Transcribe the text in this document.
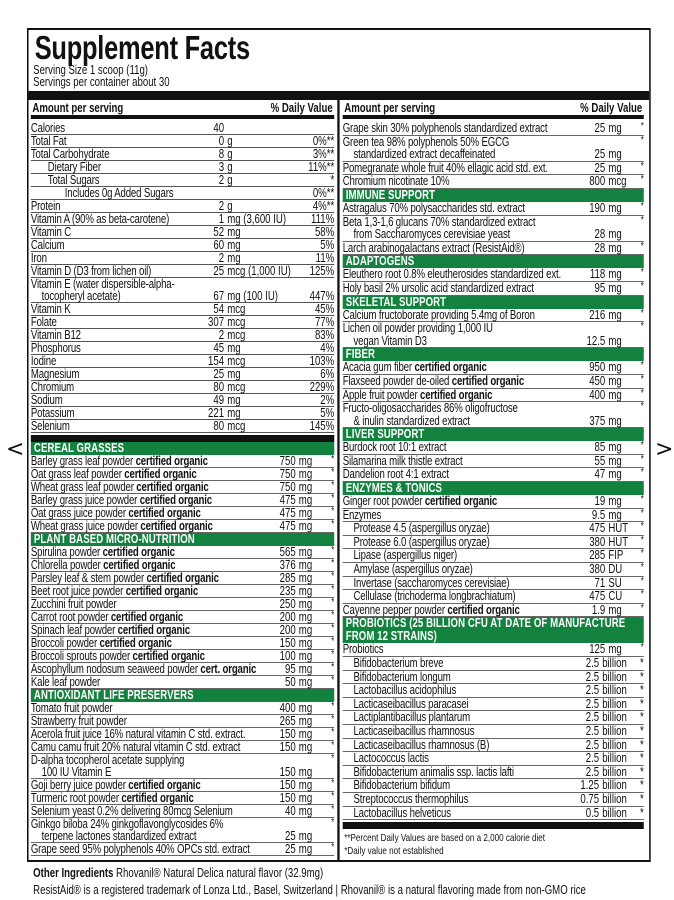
Supplement Facts
Serving Size 1 scoop (11g)
Servings per container about 30
Amount per serving	% Daily Value
Calories	40
Total Fat	0 g	0%**
Total Carbohydrate	8 g	3%**
Dietary Fiber	3 g	11%**
Total Sugars	2 g	*
Includes 0g Added Sugars	0%**
Protein	2 g	4%**
Vitamin A (90% as beta-carotene)	1 mg (3,600 IU)	111%
Vitamin C	52 mg	58%
Calcium	60 mg	5%
Iron	2 mg	11%
Vitamin D (D3 from lichen oil)	25 mcg (1,000 IU)	125%
Vitamin E (water dispersible-alpha-
tocopheryl acetate)	67 mg (100 IU)	447%
Vitamin K	54 mcg	45%
Folate	307 mcg	77%
Vitamin B12	2 mcg	83%
Phosphorus	45 mg	4%
Iodine	154 mcg	103%
Magnesium	25 mg	6%
Chromium	80 mcg	229%
Sodium	49 mg	2%
Potassium	221 mg	5%
Selenium	80 mcg	145%
CEREAL GRASSES
Barley grass leaf powder certified organic	750 mg	*
Oat grass leaf powder certified organic	750 mg	*
Wheat grass leaf powder certified organic	750 mg	*
Barley grass juice powder certified organic	475 mg	*
Oat grass juice powder certified organic	475 mg	*
Wheat grass juice powder certified organic	475 mg	*
PLANT BASED MICRO-NUTRITION
Spirulina powder certified organic	565 mg	*
Chlorella powder certified organic	376 mg	*
Parsley leaf & stem powder certified organic	285 mg	*
Beet root juice powder certified organic	235 mg	*
Zucchini fruit powder	250 mg	*
Carrot root powder certified organic	200 mg	*
Spinach leaf powder certified organic	200 mg	*
Broccoli powder certified organic	150 mg	*
Broccoli sprouts powder certified organic	100 mg	*
Ascophyllum nodosum seaweed powder cert. organic	95 mg	*
Kale leaf powder	50 mg	*
ANTIOXIDANT LIFE PRESERVERS
Tomato fruit powder	400 mg	*
Strawberry fruit powder	265 mg	*
Acerola fruit juice 16% natural vitamin C std. extract.	150 mg	*
Camu camu fruit 20% natural vitamin C std. extract	150 mg	*
D-alpha tocopherol acetate supplying
100 IU Vitamin E	150 mg
*
Goji berry juice powder certified organic	150 mg	*
Turmeric root powder certified organic	150 mg	*
Selenium yeast 0.2% delivering 80mcg Selenium	40 mg	*
Ginkgo biloba 24% ginkgoflavonglycosides 6%
terpene lactones standardized extract	25 mg
*
Grape seed 95% polyphenols 40% OPCs std. extract	25 mg	*
Amount per serving	% Daily Value
Grape skin 30% polyphenols standardized extract	25 mg	*
Green tea 98% polyphenols 50% EGCG
standardized extract decaffeinated	25 mg
*
Pomegranate whole fruit 40% ellagic acid std. ext.	25 mg	*
Chromium nicotinate 10%	800 mcg	*
IMMUNE SUPPORT
Astragalus 70% polysaccharides std. extract	190 mg	*
Beta 1,3-1,6 glucans 70% standardized extract
from Saccharomyces cerevisiae yeast	28 mg
*
Larch arabinogalactans extract (ResistAid®)	28 mg	*
ADAPTOGENS
Eleuthero root 0.8% eleutherosides standardized ext.	118 mg	*
Holy basil 2% ursolic acid standardized extract	95 mg	*
SKELETAL SUPPORT
Calcium fructoborate providing 5.4mg of Boron	216 mg	*
Lichen oil powder providing 1,000 IU
vegan Vitamin D3	12.5 mg
*
FIBER
Acacia gum fiber certified organic	950 mg	*
Flaxseed powder de-oiled certified organic	450 mg	*
Apple fruit powder certified organic	400 mg	*
Fructo-oligosaccharides 86% oligofructose
& inulin standardized extract	375 mg
*
LIVER SUPPORT
Burdock root 10:1 extract	85 mg	*
Silamarina milk thistle extract	55 mg	*
Dandelion root 4:1 extract	47 mg	*
ENZYMES & TONICS
Ginger root powder certified organic	19 mg	*
Enzymes	9.5 mg	*
Protease 4.5 (aspergillus oryzae)	475 HUT	*
Protease 6.0 (aspergillus oryzae)	380 HUT	*
Lipase (aspergillus niger)	285 FIP	*
Amylase (aspergillus oryzae)	380 DU	*
Invertase (saccharomyces cerevisiae)	71 SU	*
Cellulase (trichoderma longbrachiatum)	475 CU	*
Cayenne pepper powder certified organic	1.9 mg	*
PROBIOTICS (25 BILLION CFU AT DATE OF MANUFACTURE FROM 12 STRAINS)
Probiotics	125 mg	*
Bifidobacterium breve	2.5 billion	*
Bifidobacterium longum	2.5 billion	*
Lactobacillus acidophilus	2.5 billion	*
Lacticaseibacillus paracasei	2.5 billion	*
Lactiplantibacillus plantarum	2.5 billion	*
Lacticaseibacillus rhamnosus	2.5 billion	*
Lacticaseibacillus rhamnosus (B)	2.5 billion	*
Lactococcus lactis	2.5 billion	*
Bifidobacterium animalis ssp. lactis lafti	2.5 billion	*
Bifidobacterium bifidum	1.25 billion	*
Streptococcus thermophilus	0.75 billion	*
Lactobacillus helveticus	0.5 billion	*
**Percent Daily Values are based on a 2,000 calorie diet
*Daily value not established
Other Ingredients Rhovanil® Natural Delica natural flavor (32.9mg)
ResistAid® is a registered trademark of Lonza Ltd., Basel, Switzerland | Rhovanil® is a natural flavoring made from non-GMO rice
<	>
